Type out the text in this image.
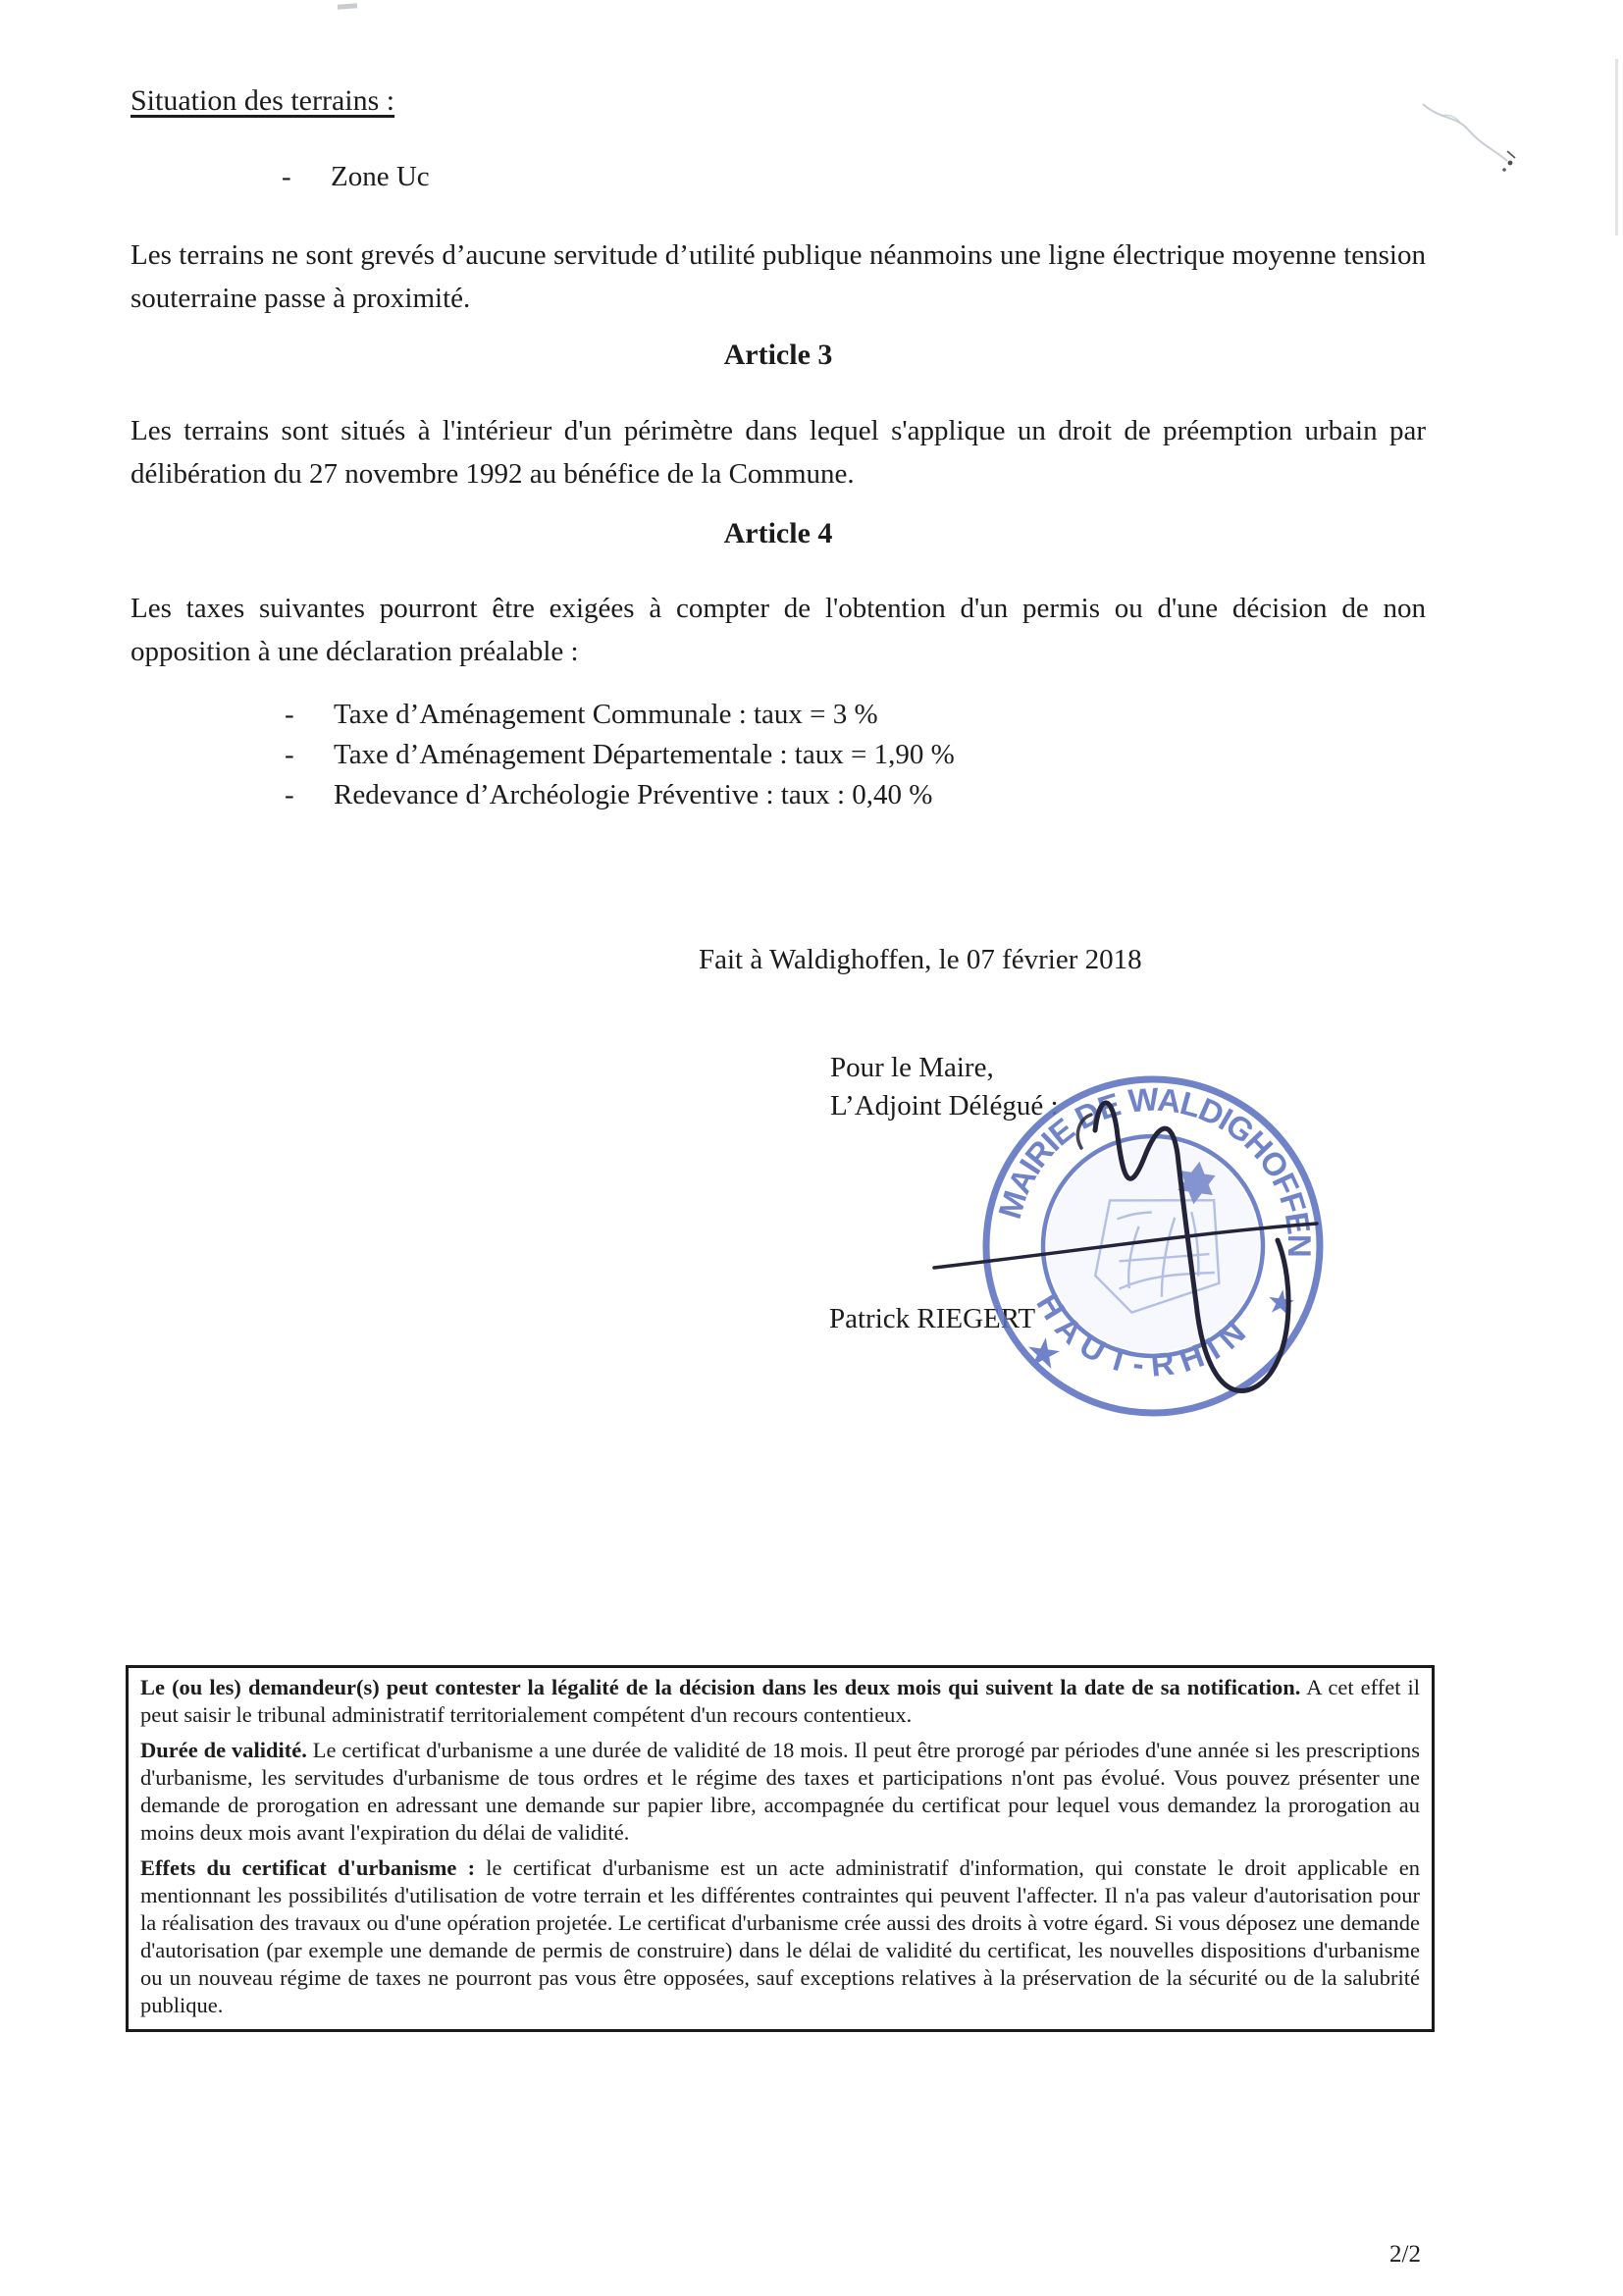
Situation des terrains :
- Zone Uc
Les terrains ne sont grevés d’aucune servitude d’utilité publique néanmoins une ligne électrique moyenne tension souterraine passe à proximité.
Article 3
Les terrains sont situés à l'intérieur d'un périmètre dans lequel s'applique un droit de préemption urbain par délibération du 27 novembre 1992 au bénéfice de la Commune.
Article 4
Les taxes suivantes pourront être exigées à compter de l'obtention d'un permis ou d'une décision de non opposition à une déclaration préalable :
- Taxe d’Aménagement Communale : taux = 3 %
- Taxe d’Aménagement Départementale : taux = 1,90 %
- Redevance d’Archéologie Préventive : taux : 0,40 %
Fait à Waldighoffen, le 07 février 2018
Pour le Maire,
L’Adjoint Délégué :
Patrick RIEGERT
MAIRIE DE WALDIGHOFFEN
HAUT-RHIN
★
★

Le (ou les) demandeur(s) peut contester la légalité de la décision dans les deux mois qui suivent la date de sa notification. A cet effet il peut saisir le tribunal administratif territorialement compétent d'un recours contentieux.

Durée de validité. Le certificat d'urbanisme a une durée de validité de 18 mois. Il peut être prorogé par périodes d'une année si les prescriptions d'urbanisme, les servitudes d'urbanisme de tous ordres et le régime des taxes et participations n'ont pas évolué. Vous pouvez présenter une demande de prorogation en adressant une demande sur papier libre, accompagnée du certificat pour lequel vous demandez la prorogation au moins deux mois avant l'expiration du délai de validité.

Effets du certificat d'urbanisme : le certificat d'urbanisme est un acte administratif d'information, qui constate le droit applicable en mentionnant les possibilités d'utilisation de votre terrain et les différentes contraintes qui peuvent l'affecter. Il n'a pas valeur d'autorisation pour la réalisation des travaux ou d'une opération projetée. Le certificat d'urbanisme crée aussi des droits à votre égard. Si vous déposez une demande d'autorisation (par exemple une demande de permis de construire) dans le délai de validité du certificat, les nouvelles dispositions d'urbanisme ou un nouveau régime de taxes ne pourront pas vous être opposées, sauf exceptions relatives à la préservation de la sécurité ou de la salubrité publique.

2/2
